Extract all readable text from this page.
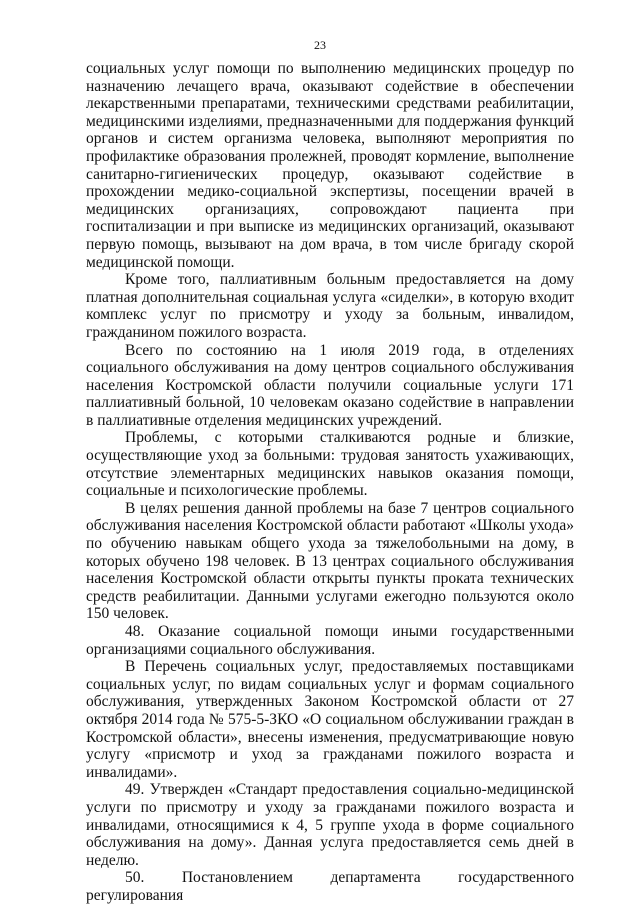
23

социальных услуг помощи по выполнению медицинских процедур по назначению лечащего врача, оказывают содействие в обеспечении лекарственными препаратами, техническими средствами реабилитации, медицинскими изделиями, предназначенными для поддержания функций органов и систем организма человека, выполняют мероприятия по профилактике образования пролежней, проводят кормление, выполнение санитарно-гигиенических процедур, оказывают содействие в прохождении медико-социальной экспертизы, посещении врачей в медицинских организациях, сопровождают пациента при госпитализации и при выписке из медицинских организаций, оказывают первую помощь, вызывают на дом врача, в том числе бригаду скорой медицинской помощи.

Кроме того, паллиативным больным предоставляется на дому платная дополнительная социальная услуга «сиделки», в которую входит комплекс услуг по присмотру и уходу за больным, инвалидом, гражданином пожилого возраста.

Всего по состоянию на 1 июля 2019 года, в отделениях социального обслуживания на дому центров социального обслуживания населения Костромской области получили социальные услуги 171 паллиативный больной, 10 человекам оказано содействие в направлении в паллиативные отделения медицинских учреждений.

Проблемы, с которыми сталкиваются родные и близкие, осуществляющие уход за больными: трудовая занятость ухаживающих, отсутствие элементарных медицинских навыков оказания помощи, социальные и психологические проблемы.

В целях решения данной проблемы на базе 7 центров социального обслуживания населения Костромской области работают «Школы ухода» по обучению навыкам общего ухода за тяжелобольными на дому, в которых обучено 198 человек. В 13 центрах социального обслуживания населения Костромской области открыты пункты проката технических средств реабилитации. Данными услугами ежегодно пользуются около 150 человек.

48. Оказание социальной помощи иными государственными организациями социального обслуживания.

В Перечень социальных услуг, предоставляемых поставщиками социальных услуг, по видам социальных услуг и формам социального обслуживания, утвержденных Законом Костромской области от 27 октября 2014 года № 575-5-ЗКО «О социальном обслуживании граждан в Костромской области», внесены изменения, предусматривающие новую услугу «присмотр и уход за гражданами пожилого возраста и инвалидами».

49. Утвержден «Стандарт предоставления социально-медицинской услуги по присмотру и уходу за гражданами пожилого возраста и инвалидами, относящимися к 4, 5 группе ухода в форме социального обслуживания на дому». Данная услуга предоставляется семь дней в неделю.

50. Постановлением департамента государственного регулирования
